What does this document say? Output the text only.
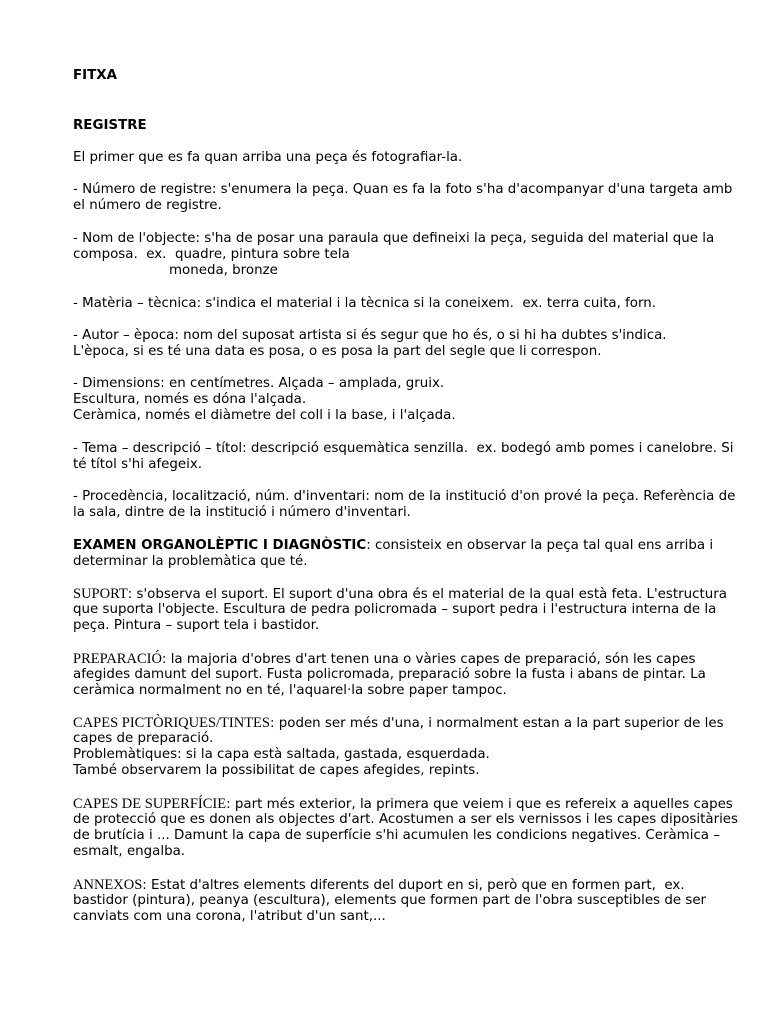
FITXA
REGISTRE
El primer que es fa quan arriba una peça és fotografiar-la.
- Número de registre: s'enumera la peça. Quan es fa la foto s'ha d'acompanyar d'una targeta amb
el número de registre.
- Nom de l'objecte: s'ha de posar una paraula que defineixi la peça, seguida del material que la
composa.  ex.  quadre, pintura sobre tela
moneda, bronze
- Matèria – tècnica: s'indica el material i la tècnica si la coneixem.  ex. terra cuita, forn.
- Autor – època: nom del suposat artista si és segur que ho és, o si hi ha dubtes s'indica.
L'època, si es té una data es posa, o es posa la part del segle que li correspon.
- Dimensions: en centímetres. Alçada – amplada, gruix.
Escultura, només es dóna l'alçada.
Ceràmica, només el diàmetre del coll i la base, i l'alçada.
- Tema – descripció – títol: descripció esquemàtica senzilla.  ex. bodegó amb pomes i canelobre. Si
té títol s'hi afegeix.
- Procedència, localització, núm. d'inventari: nom de la institució d'on prové la peça. Referència de
la sala, dintre de la institució i número d'inventari.
EXAMEN ORGANOLÈPTIC I DIAGNÒSTIC: consisteix en observar la peça tal qual ens arriba i
determinar la problemàtica que té.
SUPORT: s'observa el suport. El suport d'una obra és el material de la qual està feta. L'estructura
que suporta l'objecte. Escultura de pedra policromada – suport pedra i l'estructura interna de la
peça. Pintura – suport tela i bastidor.
PREPARACIÓ: la majoria d'obres d'art tenen una o vàries capes de preparació, són les capes
afegides damunt del suport. Fusta policromada, preparació sobre la fusta i abans de pintar. La
ceràmica normalment no en té, l'aquarel·la sobre paper tampoc.
CAPES PICTÒRIQUES/TINTES: poden ser més d'una, i normalment estan a la part superior de les
capes de preparació.
Problemàtiques: si la capa està saltada, gastada, esquerdada.
També observarem la possibilitat de capes afegides, repints.
CAPES DE SUPERFÍCIE: part més exterior, la primera que veiem i que es refereix a aquelles capes
de protecció que es donen als objectes d'art. Acostumen a ser els vernissos i les capes dipositàries
de brutícia i ... Damunt la capa de superfície s'hi acumulen les condicions negatives. Ceràmica –
esmalt, engalba.
ANNEXOS: Estat d'altres elements diferents del duport en si, però que en formen part,  ex.
bastidor (pintura), peanya (escultura), elements que formen part de l'obra susceptibles de ser
canviats com una corona, l'atribut d'un sant,...
